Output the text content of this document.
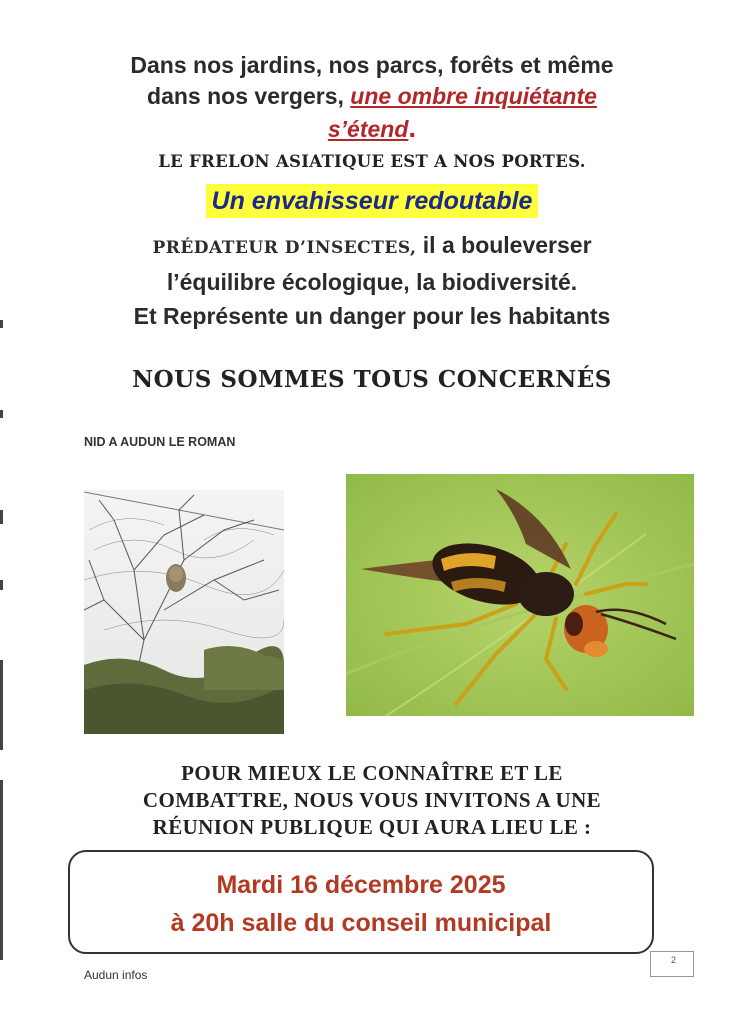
Dans nos jardins, nos parcs, forêts et même
dans nos vergers, une ombre inquiétante
s’étend.
LE FRELON ASIATIQUE EST A NOS PORTES.
Un envahisseur redoutable
PRÉDATEUR D’INSECTES, il a bouleverser
l’équilibre écologique, la biodiversité.
Et Représente un danger pour les habitants
NOUS SOMMES TOUS CONCERNÉS
NID A AUDUN LE ROMAN
POUR MIEUX LE CONNAÎTRE ET LE
COMBATTRE, NOUS VOUS INVITONS A UNE
RÉUNION PUBLIQUE QUI AURA LIEU LE :
Mardi 16 décembre 2025
à 20h salle du conseil municipal
Audun infos
2
